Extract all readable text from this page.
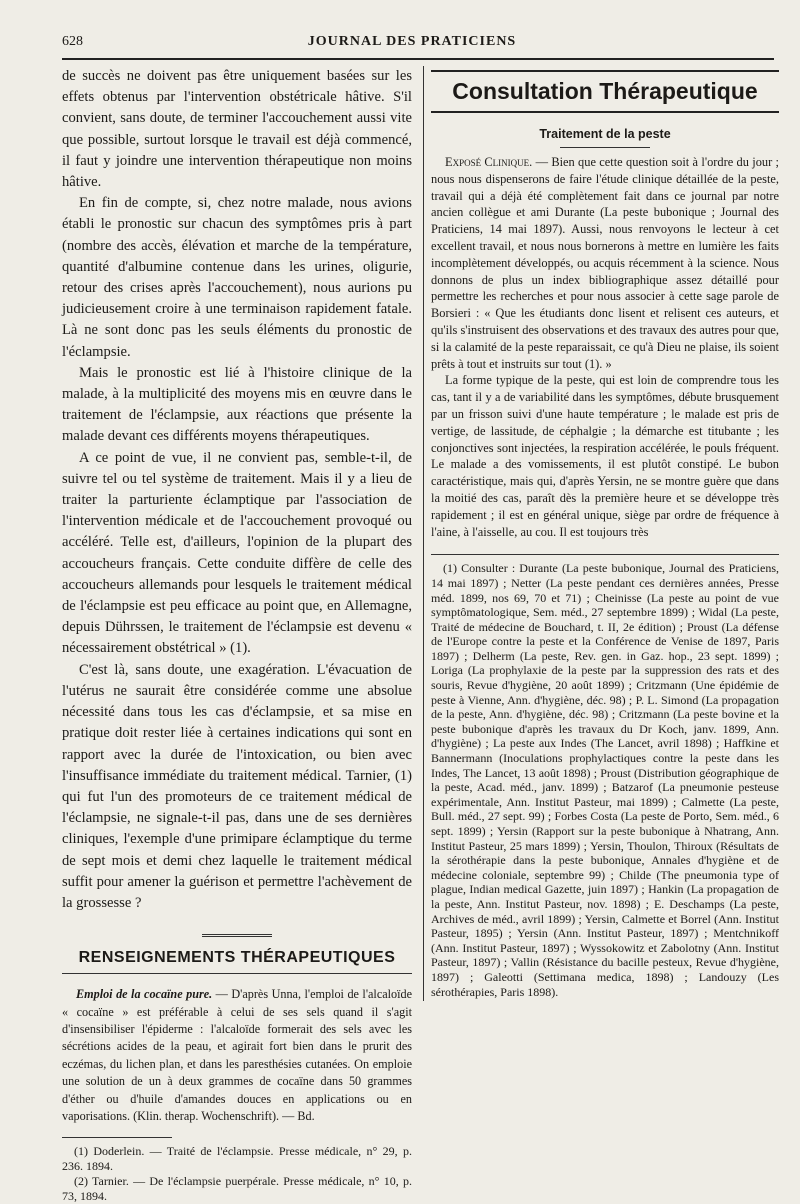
628	JOURNAL DES PRATICIENS

de succès ne doivent pas être uniquement basées sur les effets obtenus par l'intervention obstétricale hâtive. S'il convient, sans doute, de terminer l'accouchement aussi vite que possible, surtout lorsque le travail est déjà commencé, il faut y joindre une intervention thérapeutique non moins hâtive.

En fin de compte, si, chez notre malade, nous avions établi le pronostic sur chacun des symptômes pris à part (nombre des accès, élévation et marche de la température, quantité d'albumine contenue dans les urines, oligurie, retour des crises après l'accouchement), nous aurions pu judicieusement croire à une terminaison rapidement fatale. Là ne sont donc pas les seuls éléments du pronostic de l'éclampsie.

Mais le pronostic est lié à l'histoire clinique de la malade, à la multiplicité des moyens mis en œuvre dans le traitement de l'éclampsie, aux réactions que présente la malade devant ces différents moyens thérapeutiques.

A ce point de vue, il ne convient pas, semble-t-il, de suivre tel ou tel système de traitement. Mais il y a lieu de traiter la parturiente éclamptique par l'association de l'intervention médicale et de l'accouchement provoqué ou accéléré. Telle est, d'ailleurs, l'opinion de la plupart des accoucheurs français. Cette conduite diffère de celle des accoucheurs allemands pour lesquels le traitement médical de l'éclampsie est peu efficace au point que, en Allemagne, depuis Dührssen, le traitement de l'éclampsie est devenu « nécessairement obstétrical » (1).

C'est là, sans doute, une exagération. L'évacuation de l'utérus ne saurait être considérée comme une absolue nécessité dans tous les cas d'éclampsie, et sa mise en pratique doit rester liée à certaines indications qui sont en rapport avec la durée de l'intoxication, ou bien avec l'insuffisance immédiate du traitement médical. Tarnier, (1) qui fut l'un des promoteurs de ce traitement médical de l'éclampsie, ne signale-t-il pas, dans une de ses dernières cliniques, l'exemple d'une primipare éclamptique du terme de sept mois et demi chez laquelle le traitement médical suffit pour amener la guérison et permettre l'achèvement de la grossesse ?

RENSEIGNEMENTS THÉRAPEUTIQUES

Emploi de la cocaïne pure. — D'après Unna, l'emploi de l'alcaloïde « cocaïne » est préférable à celui de ses sels quand il s'agit d'insensibiliser l'épiderme : l'alcaloïde formerait des sels avec les sécrétions acides de la peau, et agirait fort bien dans le prurit des eczémas, du lichen plan, et dans les paresthésies cutanées. On emploie une solution de un à deux grammes de cocaïne dans 50 grammes d'éther ou d'huile d'amandes douces en applications ou en vaporisations. (Klin. therap. Wochenschrift). — Bd.

(1) Doderlein. — Traité de l'éclampsie. Presse médicale, n° 29, p. 236. 1894.

(2) Tarnier. — De l'éclampsie puerpérale. Presse médicale, n° 10, p. 73, 1894.

Consultation Thérapeutique
Traitement de la peste

Exposé Clinique. — Bien que cette question soit à l'ordre du jour ; nous nous dispenserons de faire l'étude clinique détaillée de la peste, travail qui a déjà été complètement fait dans ce journal par notre ancien collègue et ami Durante (La peste bubonique ; Journal des Praticiens, 14 mai 1897). Aussi, nous renvoyons le lecteur à cet excellent travail, et nous nous bornerons à mettre en lumière les faits incomplètement développés, ou acquis récemment à la science. Nous donnons de plus un index bibliographique assez détaillé pour permettre les recherches et pour nous associer à cette sage parole de Borsieri : « Que les étudiants donc lisent et relisent ces auteurs, et qu'ils s'instruisent des observations et des travaux des autres pour que, si la calamité de la peste reparaissait, ce qu'à Dieu ne plaise, ils soient prêts à tout et instruits sur tout (1). »

La forme typique de la peste, qui est loin de comprendre tous les cas, tant il y a de variabilité dans les symptômes, débute brusquement par un frisson suivi d'une haute température ; le malade est pris de vertige, de lassitude, de céphalgie ; la démarche est titubante ; les conjonctives sont injectées, la respiration accélérée, le pouls fréquent. Le malade a des vomissements, il est plutôt constipé. Le bubon caractéristique, mais qui, d'après Yersin, ne se montre guère que dans la moitié des cas, paraît dès la première heure et se développe très rapidement ; il est en général unique, siège par ordre de fréquence à l'aine, à l'aisselle, au cou. Il est toujours très

(1) Consulter : Durante (La peste bubonique, Journal des Praticiens, 14 mai 1897) ; Netter (La peste pendant ces dernières années, Presse méd. 1899, nos 69, 70 et 71) ; Cheinisse (La peste au point de vue symptômatologique, Sem. méd., 27 septembre 1899) ; Widal (La peste, Traité de médecine de Bouchard, t. II, 2e édition) ; Proust (La défense de l'Europe contre la peste et la Conférence de Venise de 1897, Paris 1897) ; Delherm (La peste, Rev. gen. in Gaz. hop., 23 sept. 1899) ; Loriga (La prophylaxie de la peste par la suppression des rats et des souris, Revue d'hygiène, 20 août 1899) ; Critzmann (Une épidémie de peste à Vienne, Ann. d'hygiène, déc. 98) ; P. L. Simond (La propagation de la peste, Ann. d'hygiène, déc. 98) ; Critzmann (La peste bovine et la peste bubonique d'après les travaux du Dr Koch, janv. 1899, Ann. d'hygiène) ; La peste aux Indes (The Lancet, avril 1898) ; Haffkine et Bannermann (Inoculations prophylactiques contre la peste dans les Indes, The Lancet, 13 août 1898) ; Proust (Distribution géographique de la peste, Acad. méd., janv. 1899) ; Batzarof (La pneumonie pesteuse expérimentale, Ann. Institut Pasteur, mai 1899) ; Calmette (La peste, Bull. méd., 27 sept. 99) ; Forbes Costa (La peste de Porto, Sem. méd., 6 sept. 1899) ; Yersin (Rapport sur la peste bubonique à Nhatrang, Ann. Institut Pasteur, 25 mars 1899) ; Yersin, Thoulon, Thiroux (Résultats de la sérothérapie dans la peste bubonique, Annales d'hygiène et de médecine coloniale, septembre 99) ; Childe (The pneumonia type of plague, Indian medical Gazette, juin 1897) ; Hankin (La propagation de la peste, Ann. Institut Pasteur, nov. 1898) ; E. Deschamps (La peste, Archives de méd., avril 1899) ; Yersin, Calmette et Borrel (Ann. Institut Pasteur, 1895) ; Yersin (Ann. Institut Pasteur, 1897) ; Mentchnikoff (Ann. Institut Pasteur, 1897) ; Wyssokowitz et Zabolotny (Ann. Institut Pasteur, 1897) ; Vallin (Résistance du bacille pesteux, Revue d'hygiène, 1897) ; Galeotti (Settimana medica, 1898) ; Landouzy (Les sérothérapies, Paris 1898).
